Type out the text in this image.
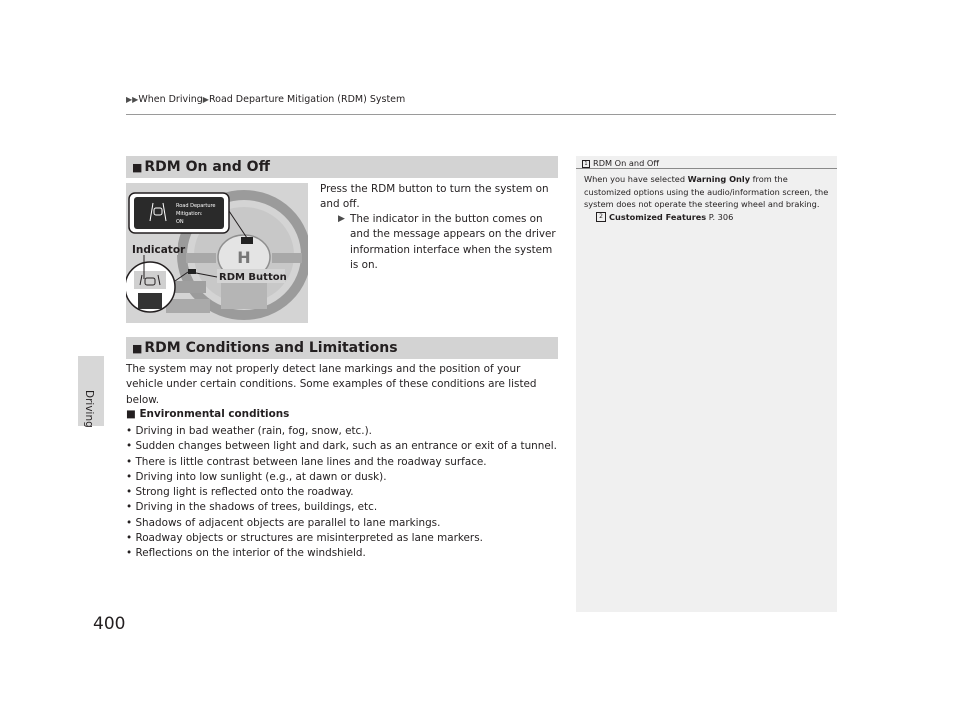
▶▶When Driving▶Road Departure Mitigation (RDM) System
Driving
400
■ RDM On and Off
H
Road Departure
Mitigation:
ON
Indicator
RDM Button
Press the RDM button to turn the system on and off.
▶ The indicator in the button comes on and the message appears on the driver information interface when the system is on.
■ RDM Conditions and Limitations
The system may not properly detect lane markings and the position of your vehicle under certain conditions. Some examples of these conditions are listed below.
■ Environmental conditions
• Driving in bad weather (rain, fog, snow, etc.).
• Sudden changes between light and dark, such as an entrance or exit of a tunnel.
• There is little contrast between lane lines and the roadway surface.
• Driving into low sunlight (e.g., at dawn or dusk).
• Strong light is reflected onto the roadway.
• Driving in the shadows of trees, buildings, etc.
• Shadows of adjacent objects are parallel to lane markings.
• Roadway objects or structures are misinterpreted as lane markers.
• Reflections on the interior of the windshield.
1 RDM On and Off
When you have selected Warning Only from the customized options using the audio/information screen, the system does not operate the steering wheel and braking.
2 Customized Features P. 306
